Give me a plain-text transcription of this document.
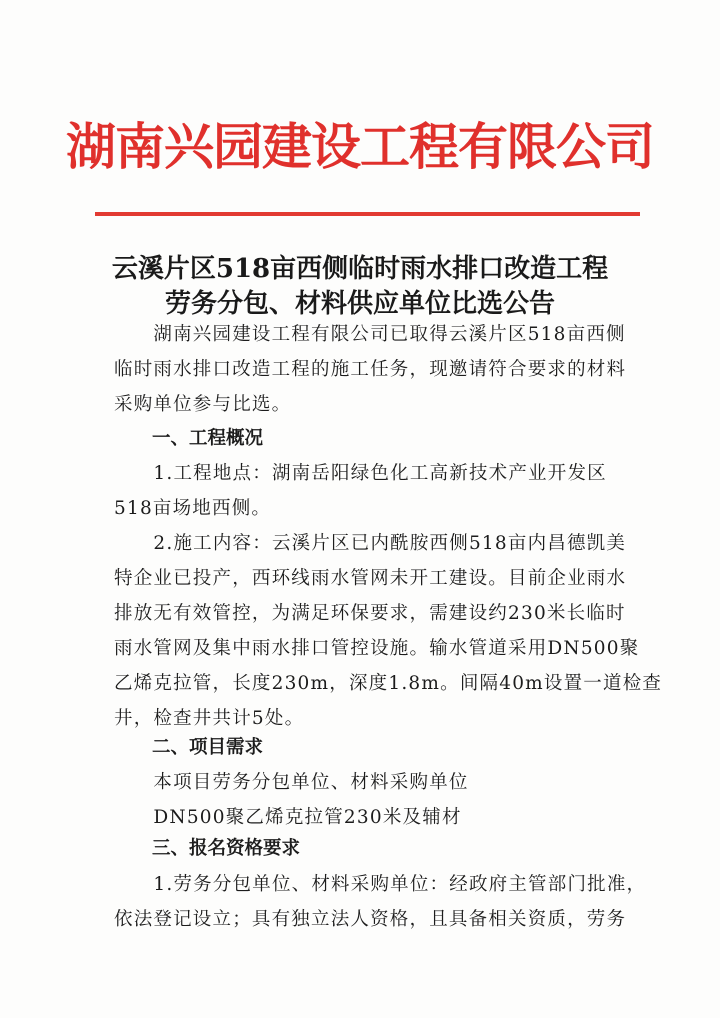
湖南兴园建设工程有限公司
云溪片区518亩西侧临时雨水排口改造工程
劳务分包、材料供应单位比选公告
　　湖南兴园建设工程有限公司已取得云溪片区518亩西侧
临时雨水排口改造工程的施工任务，现邀请符合要求的材料
采购单位参与比选。
一、工程概况
　　1.工程地点：湖南岳阳绿色化工高新技术产业开发区
518亩场地西侧。
　　2.施工内容：云溪片区已内酰胺西侧518亩内昌德凯美
特企业已投产，西环线雨水管网未开工建设。目前企业雨水
排放无有效管控，为满足环保要求，需建设约230米长临时
雨水管网及集中雨水排口管控设施。输水管道采用DN500聚
乙烯克拉管，长度230m，深度1.8m。间隔40m设置一道检查
井，检查井共计5处。
二、项目需求
　　本项目劳务分包单位、材料采购单位
　　DN500聚乙烯克拉管230米及辅材
三、报名资格要求
　　1.劳务分包单位、材料采购单位：经政府主管部门批准，
依法登记设立；具有独立法人资格，且具备相关资质，劳务
